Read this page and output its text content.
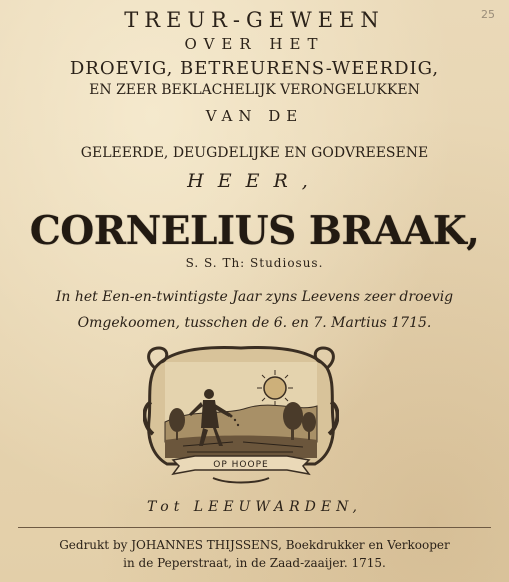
25
TREUR-GEWEEN
OVER HET
DROEVIG, BETREURENS-WEERDIG,
EN ZEER BEKLACHELIJK VERONGELUKKEN
VAN DE
GELEERDE, DEUGDELIJKE EN GODVREESENE
HEER,
CORNELIUS BRAAK,
S. S. Th: Studiosus.
In het Een-en-twintigste Jaar zyns Leevens zeer droevig
Omgekoomen, tusschen de 6. en 7. Martius 1715.
OP HOOPE
Tot LEEUWARDEN,
Gedrukt by JOHANNES THIJSSENS, Boekdrukker en Verkooper
in de Peperstraat, in de Zaad-zaaijer. 1715.
